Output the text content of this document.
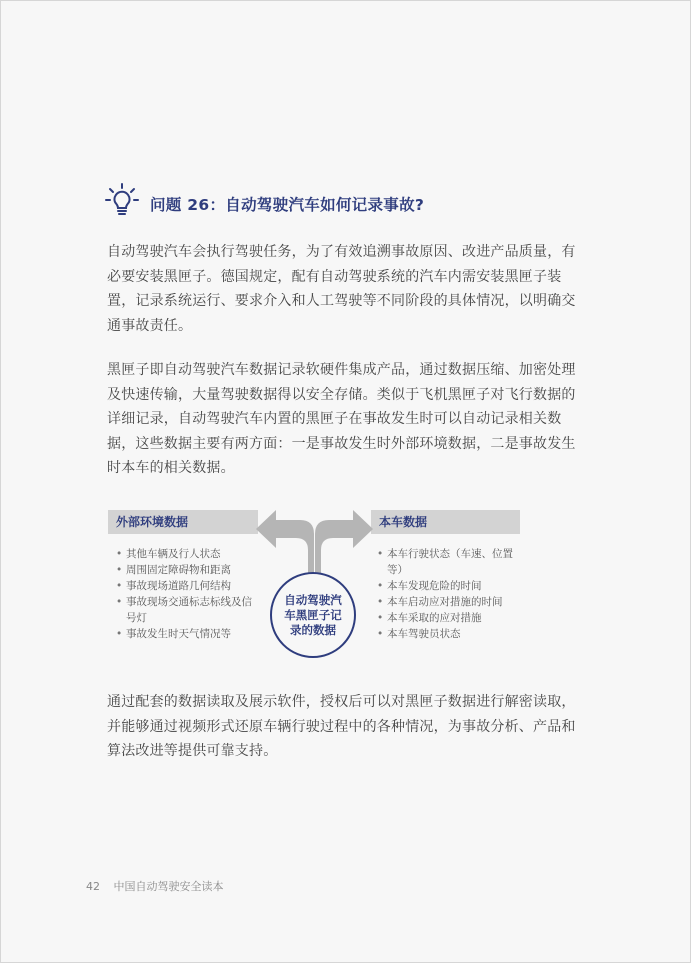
问题 26：自动驾驶汽车如何记录事故?

自动驾驶汽车会执行驾驶任务，为了有效追溯事故原因、改进产品质量，有必要安装黑匣子。德国规定，配有自动驾驶系统的汽车内需安装黑匣子装置，记录系统运行、要求介入和人工驾驶等不同阶段的具体情况，以明确交通事故责任。

黑匣子即自动驾驶汽车数据记录软硬件集成产品，通过数据压缩、加密处理及快速传输，大量驾驶数据得以安全存储。类似于飞机黑匣子对飞行数据的详细记录，自动驾驶汽车内置的黑匣子在事故发生时可以自动记录相关数据，这些数据主要有两方面：一是事故发生时外部环境数据，二是事故发生时本车的相关数据。

外部环境数据	本车数据
• 其他车辆及行人状态
• 周围固定障碍物和距离
• 事故现场道路几何结构
• 事故现场交通标志标线及信号灯
• 事故发生时天气情况等
• 本车行驶状态（车速、位置等）
• 本车发现危险的时间
• 本车启动应对措施的时间
• 本车采取的应对措施
• 本车驾驶员状态
自动驾驶汽车黑匣子记录的数据

通过配套的数据读取及展示软件，授权后可以对黑匣子数据进行解密读取，并能够通过视频形式还原车辆行驶过程中的各种情况，为事故分析、产品和算法改进等提供可靠支持。

42 中国自动驾驶安全读本
